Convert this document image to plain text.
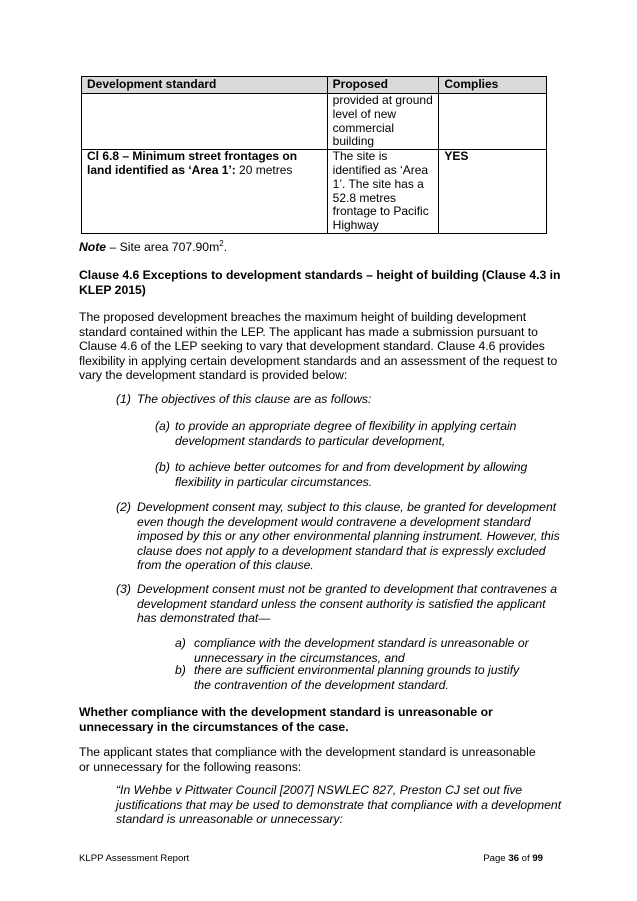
Development standard	Proposed	Complies
	provided at ground level of new commercial building	
Cl 6.8 – Minimum street frontages on land identified as ‘Area 1’: 20 metres	The site is identified as ‘Area 1’. The site has a 52.8 metres frontage to Pacific Highway	YES

Note – Site area $707.90m^2$.

Clause 4.6 Exceptions to development standards – height of building (Clause 4.3 in KLEP 2015)

The proposed development breaches the maximum height of building development standard contained within the LEP. The applicant has made a submission pursuant to Clause 4.6 of the LEP seeking to vary that development standard. Clause 4.6 provides flexibility in applying certain development standards and an assessment of the request to vary the development standard is provided below:

(1) The objectives of this clause are as follows:

(a) to provide an appropriate degree of flexibility in applying certain development standards to particular development,

(b) to achieve better outcomes for and from development by allowing flexibility in particular circumstances.

(2) Development consent may, subject to this clause, be granted for development even though the development would contravene a development standard imposed by this or any other environmental planning instrument. However, this clause does not apply to a development standard that is expressly excluded from the operation of this clause.

(3) Development consent must not be granted to development that contravenes a development standard unless the consent authority is satisfied the applicant has demonstrated that—

a) compliance with the development standard is unreasonable or unnecessary in the circumstances, and

b) there are sufficient environmental planning grounds to justify the contravention of the development standard.

Whether compliance with the development standard is unreasonable or unnecessary in the circumstances of the case.

The applicant states that compliance with the development standard is unreasonable or unnecessary for the following reasons:

“In Wehbe v Pittwater Council [2007] NSWLEC 827, Preston CJ set out five justifications that may be used to demonstrate that compliance with a development standard is unreasonable or unnecessary:

KLPP Assessment Report	Page 36 of 99
